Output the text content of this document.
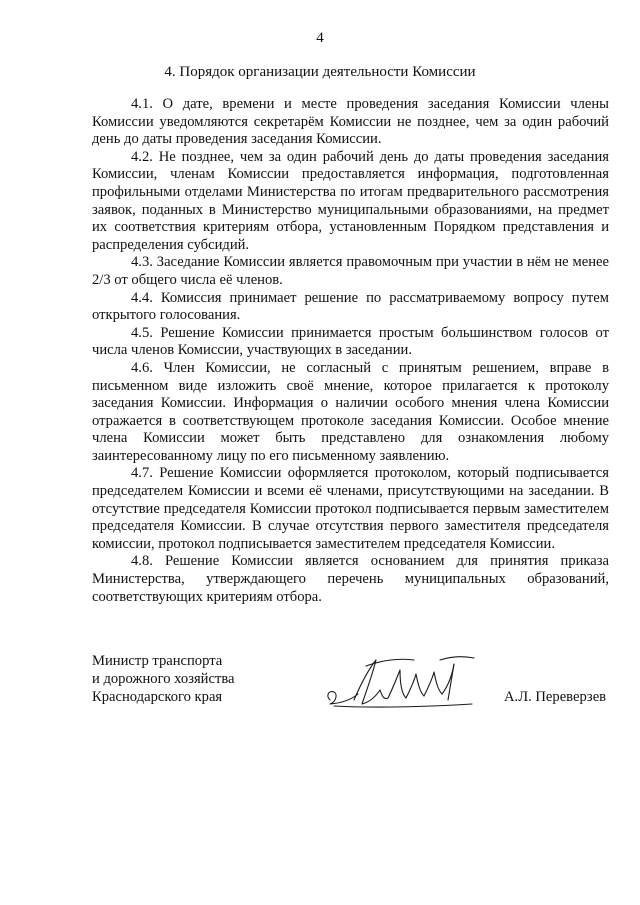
4
4. Порядок организации деятельности Комиссии

4.1. О дате, времени и месте проведения заседания Комиссии члены Комиссии уведомляются секретарём Комиссии не позднее, чем за один рабочий день до даты проведения заседания Комиссии.

4.2. Не позднее, чем за один рабочий день до даты проведения заседания Комиссии, членам Комиссии предоставляется информация, подготовленная профильными отделами Министерства по итогам предварительного рассмотрения заявок, поданных в Министерство муниципальными образованиями, на предмет их соответствия критериям отбора, установленным Порядком представления и распределения субсидий.

4.3. Заседание Комиссии является правомочным при участии в нём не менее 2/3 от общего числа её членов.

4.4. Комиссия принимает решение по рассматриваемому вопросу путем открытого голосования.

4.5. Решение Комиссии принимается простым большинством голосов от числа членов Комиссии, участвующих в заседании.

4.6. Член Комиссии, не согласный с принятым решением, вправе в письменном виде изложить своё мнение, которое прилагается к протоколу заседания Комиссии. Информация о наличии особого мнения члена Комиссии отражается в соответствующем протоколе заседания Комиссии. Особое мнение члена Комиссии может быть представлено для ознакомления любому заинтересованному лицу по его письменному заявлению.

4.7. Решение Комиссии оформляется протоколом, который подписывается председателем Комиссии и всеми её членами, присутствующими на заседании. В отсутствие председателя Комиссии протокол подписывается первым заместителем председателя Комиссии. В случае отсутствия первого заместителя председателя комиссии, протокол подписывается заместителем председателя Комиссии.

4.8. Решение Комиссии является основанием для принятия приказа Министерства, утверждающего перечень муниципальных образований, соответствующих критериям отбора.

Министр транспорта
и дорожного хозяйства
Краснодарского края	А.Л. Переверзев
